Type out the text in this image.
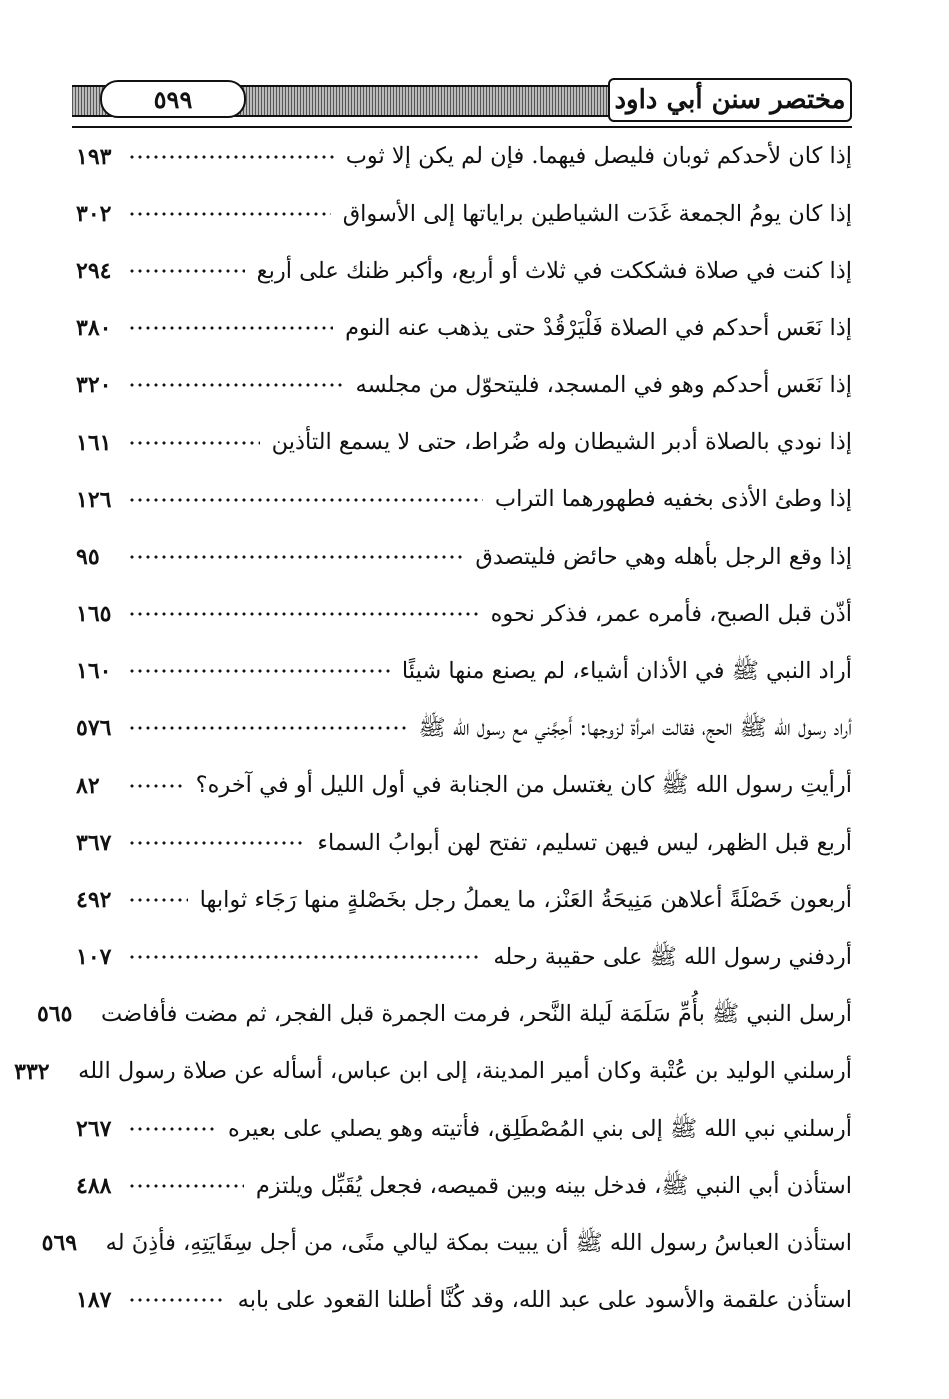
٥٩٩	مختصر سنن أبي داود
إذا كان لأحدكم ثوبان فليصل فيهما. فإن لم يكن إلا ثوب
١٩٣
إذا كان يومُ الجمعة غَدَت الشياطين براياتها إلى الأسواق
٣٠٢
إذا كنت في صلاة فشككت في ثلاث أو أربع، وأكبر ظنك على أربع
٢٩٤
إذا نَعَس أحدكم في الصلاة فَلْيَرْقُدْ حتى يذهب عنه النوم
٣٨٠
إذا نَعَس أحدكم وهو في المسجد، فليتحوّل من مجلسه
٣٢٠
إذا نودي بالصلاة أدبر الشيطان وله ضُراط، حتى لا يسمع التأذين
١٦١
إذا وطئ الأذى بخفيه فطهورهما التراب
١٢٦
إذا وقع الرجل بأهله وهي حائض فليتصدق
٩٥
أذّن قبل الصبح، فأمره عمر، فذكر نحوه
١٦٥
أراد النبي ﷺ في الأذان أشياء، لم يصنع منها شيئًا
١٦٠
أراد رسول الله ﷺ الحج، فقالت امرأة لزوجها: أَحِجَّني مع رسول الله ﷺ
٥٧٦
أرأيتِ رسول الله ﷺ كان يغتسل من الجنابة في أول الليل أو في آخره؟
٨٢
أربع قبل الظهر، ليس فيهن تسليم، تفتح لهن أبوابُ السماء
٣٦٧
أربعون خَصْلَةً أعلاهن مَنِيحَةُ العَنْز، ما يعملُ رجل بخَصْلةٍ منها رَجَاء ثوابها
٤٩٢
أردفني رسول الله ﷺ على حقيبة رحله
١٠٧
أرسل النبي ﷺ بأُمِّ سَلَمَة لَيلة النَّحر، فرمت الجمرة قبل الفجر، ثم مضت فأفاضت
٥٦٥
أرسلني الوليد بن عُتْبة وكان أمير المدينة، إلى ابن عباس، أسأله عن صلاة رسول الله
٣٣٢
أرسلني نبي الله ﷺ إلى بني المُصْطَلِق، فأتيته وهو يصلي على بعيره
٢٦٧
استأذن أبي النبي ﷺ، فدخل بينه وبين قميصه، فجعل يُقَبِّل ويلتزم
٤٨٨
استأذن العباسُ رسول الله ﷺ أن يبيت بمكة ليالي منًى، من أجل سِقَايَتِهِ، فأذِنَ له
٥٦٩
استأذن علقمة والأسود على عبد الله، وقد كُنَّا أطلنا القعود على بابه
١٨٧
